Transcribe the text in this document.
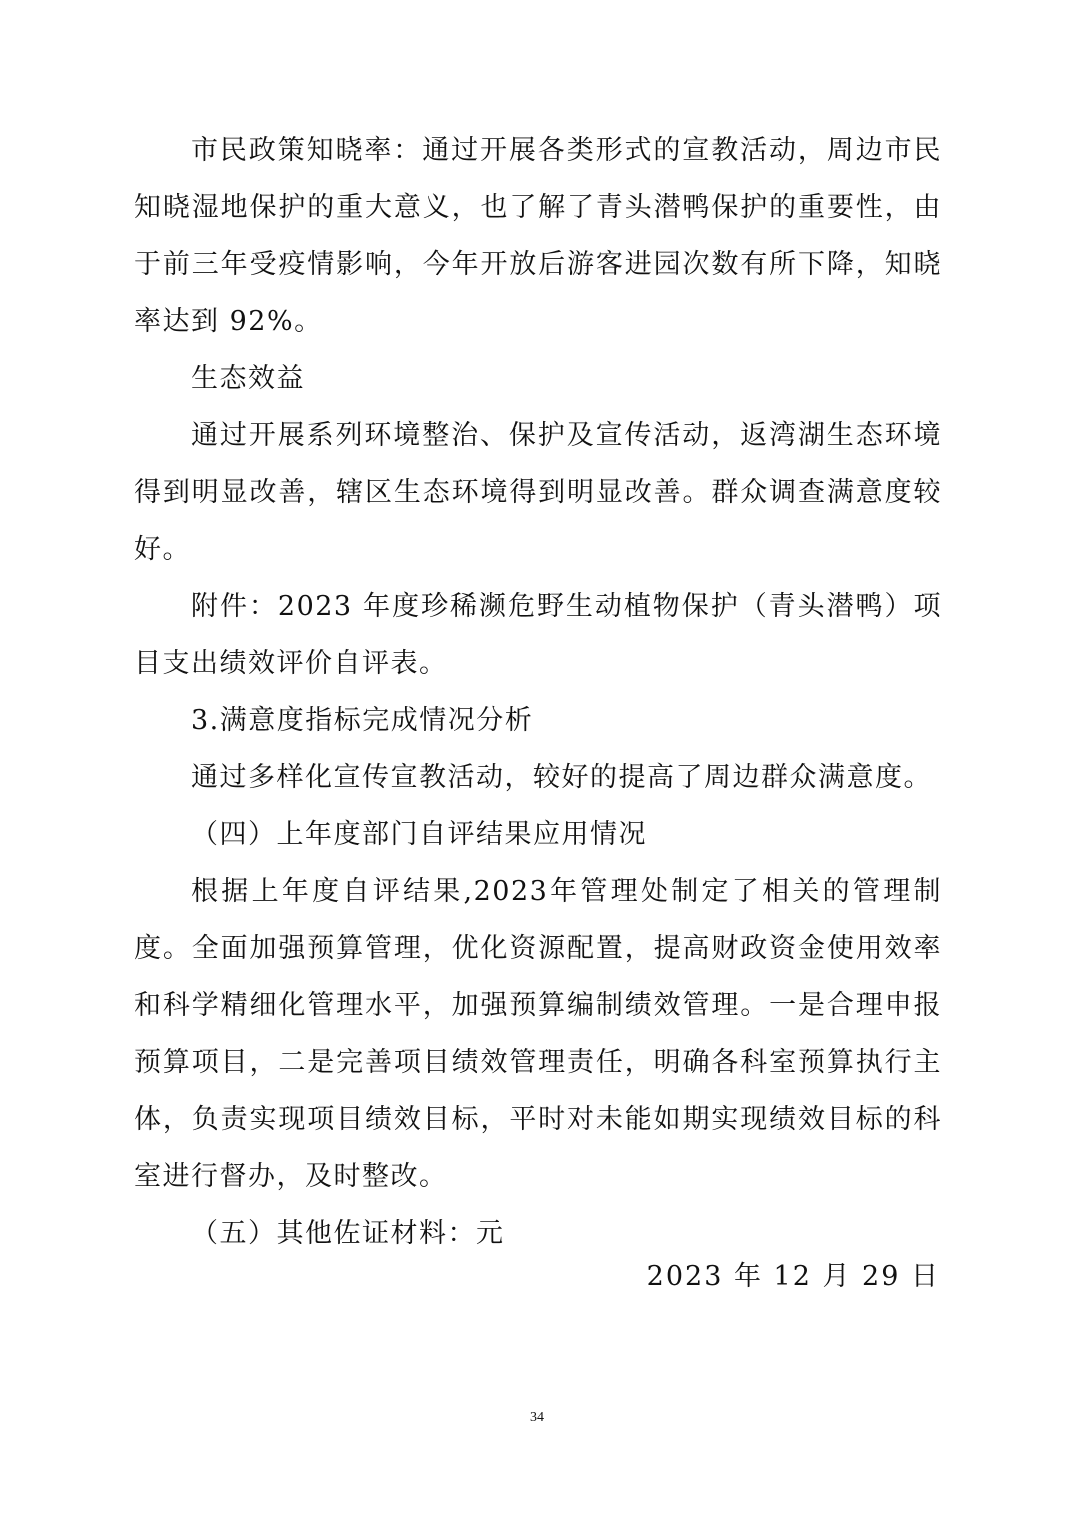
市民政策知晓率：通过开展各类形式的宣教活动，周边市民知晓湿地保护的重大意义，也了解了青头潜鸭保护的重要性，由于前三年受疫情影响，今年开放后游客进园次数有所下降，知晓率达到 92%。

生态效益

通过开展系列环境整治、保护及宣传活动，返湾湖生态环境得到明显改善，辖区生态环境得到明显改善。群众调查满意度较好。

附件：2023 年度珍稀濒危野生动植物保护（青头潜鸭）项目支出绩效评价自评表。

3.满意度指标完成情况分析

通过多样化宣传宣教活动，较好的提高了周边群众满意度。

（四）上年度部门自评结果应用情况

根据上年度自评结果,2023年管理处制定了相关的管理制度。全面加强预算管理，优化资源配置，提高财政资金使用效率和科学精细化管理水平，加强预算编制绩效管理。一是合理申报预算项目，二是完善项目绩效管理责任，明确各科室预算执行主体，负责实现项目绩效目标，平时对未能如期实现绩效目标的科室进行督办，及时整改。

（五）其他佐证材料：元

2023 年 12 月 29 日

34
